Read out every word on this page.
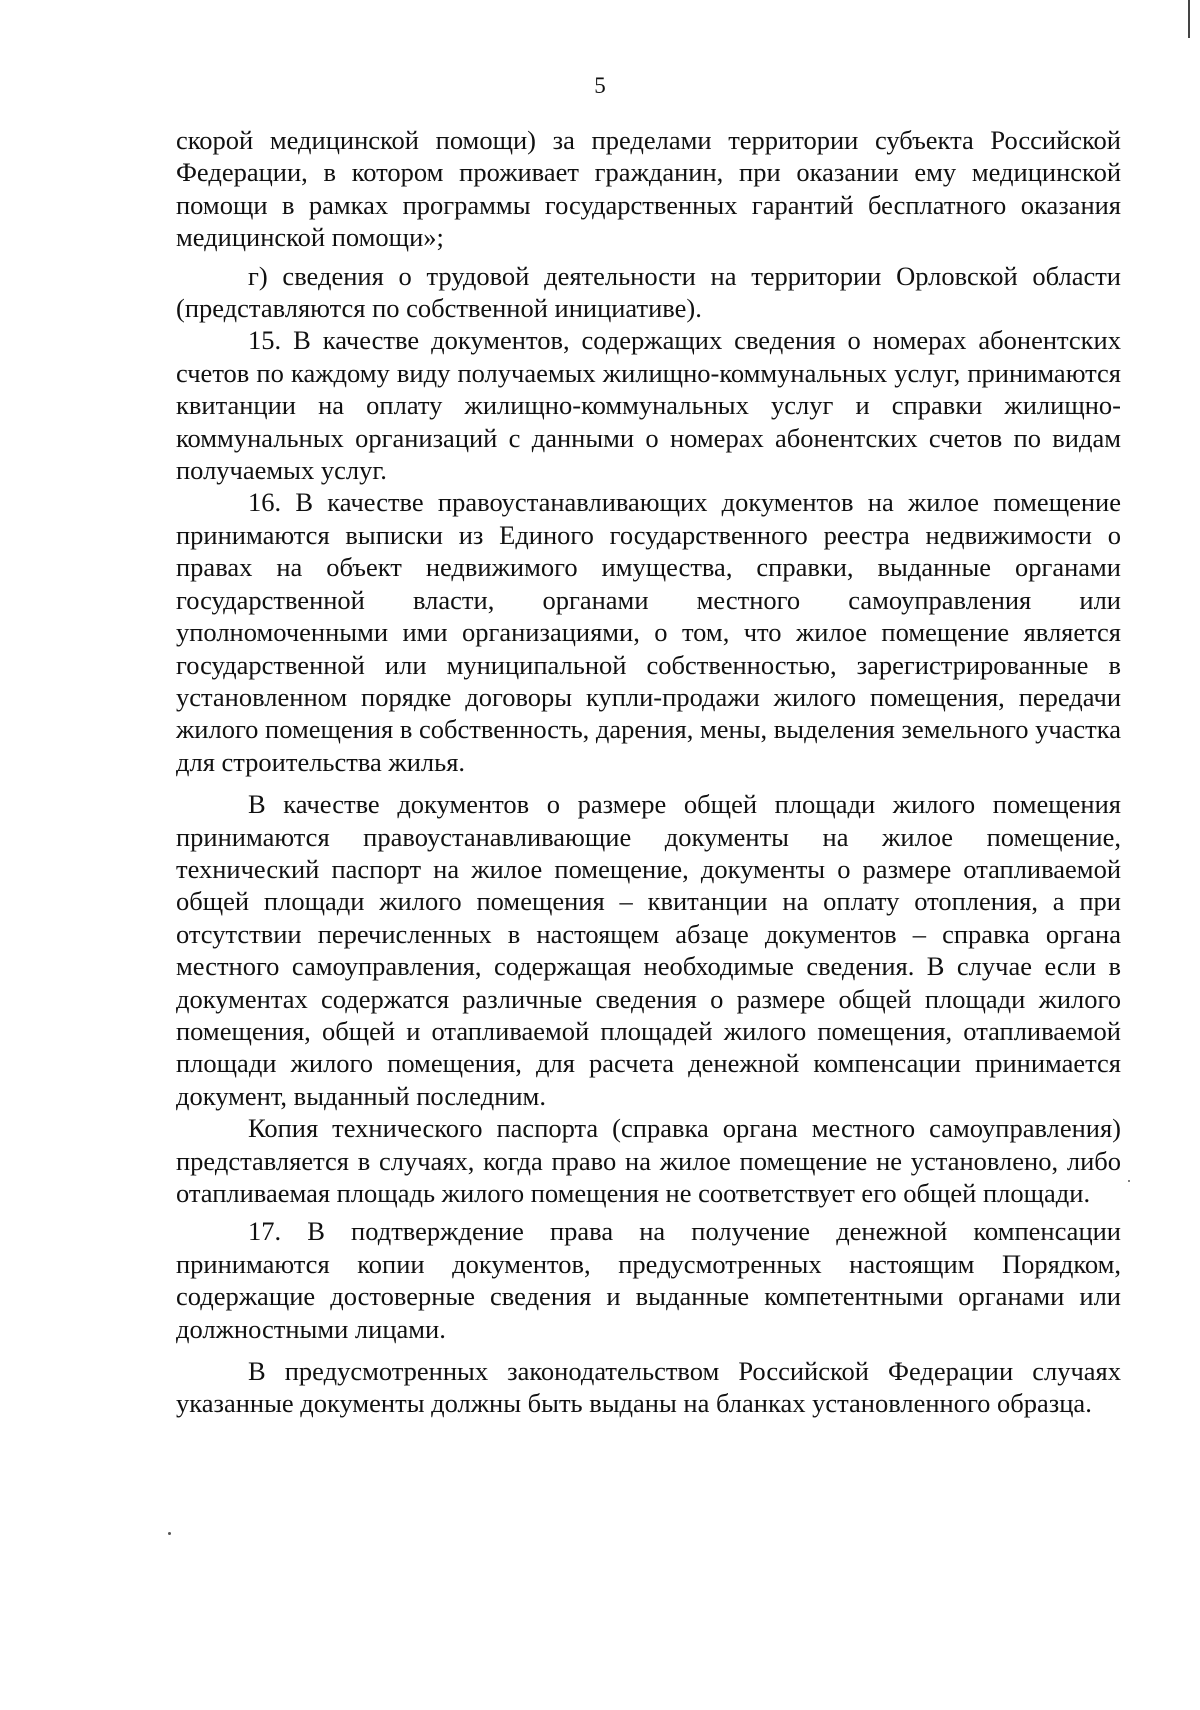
5

скорой медицинской помощи) за пределами территории субъекта Российской Федерации, в котором проживает гражданин, при оказании ему медицинской помощи в рамках программы государственных гарантий бесплатного оказания медицинской помощи»;

г) сведения о трудовой деятельности на территории Орловской области (представляются по собственной инициативе).

15. В качестве документов, содержащих сведения о номерах абонентских счетов по каждому виду получаемых жилищно-коммунальных услуг, принимаются квитанции на оплату жилищно-коммунальных услуг и справки жилищно-коммунальных организаций с данными о номерах абонентских счетов по видам получаемых услуг.

16. В качестве правоустанавливающих документов на жилое помещение принимаются выписки из Единого государственного реестра недвижимости о правах на объект недвижимого имущества, справки, выданные органами государственной власти, органами местного самоуправления или уполномоченными ими организациями, о том, что жилое помещение является государственной или муниципальной собственностью, зарегистрированные в установленном порядке договоры купли-продажи жилого помещения, передачи жилого помещения в собственность, дарения, мены, выделения земельного участка для строительства жилья.

В качестве документов о размере общей площади жилого помещения принимаются правоустанавливающие документы на жилое помещение, технический паспорт на жилое помещение, документы о размере отапливаемой общей площади жилого помещения – квитанции на оплату отопления, а при отсутствии перечисленных в настоящем абзаце документов – справка органа местного самоуправления, содержащая необходимые сведения. В случае если в документах содержатся различные сведения о размере общей площади жилого помещения, общей и отапливаемой площадей жилого помещения, отапливаемой площади жилого помещения, для расчета денежной компенсации принимается документ, выданный последним.

Копия технического паспорта (справка органа местного самоуправления) представляется в случаях, когда право на жилое помещение не установлено, либо отапливаемая площадь жилого помещения не соответствует его общей площади.

17. В подтверждение права на получение денежной компенсации принимаются копии документов, предусмотренных настоящим Порядком, содержащие достоверные сведения и выданные компетентными органами или должностными лицами.

В предусмотренных законодательством Российской Федерации случаях указанные документы должны быть выданы на бланках установленного образца.
